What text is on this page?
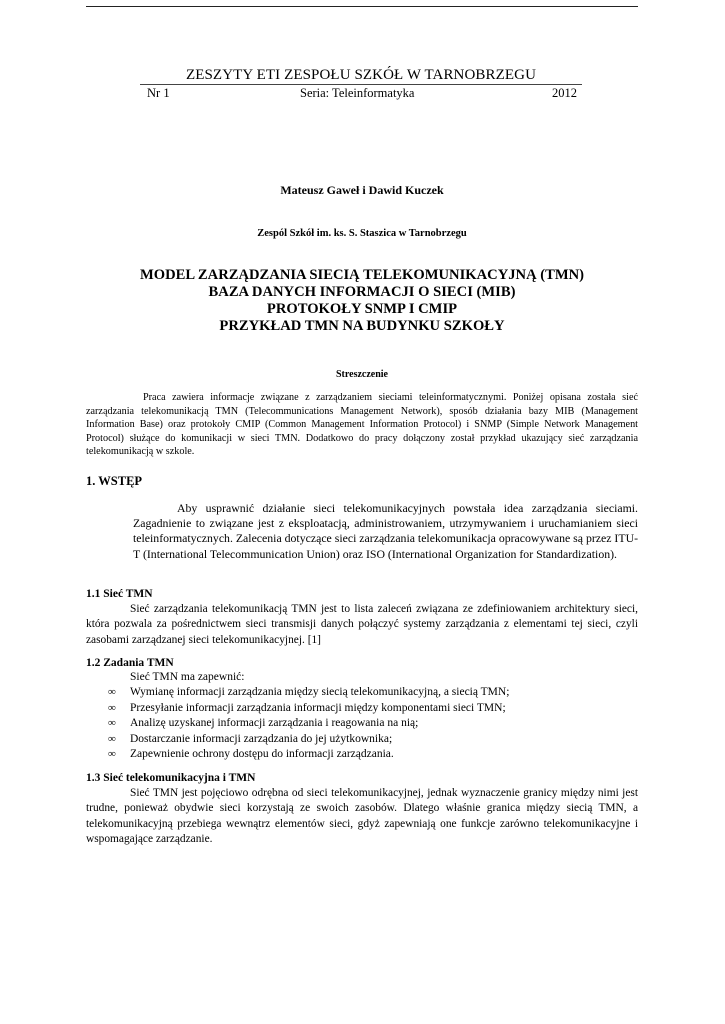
ZESZYTY ETI ZESPOŁU SZKÓŁ W TARNOBRZEGU
Nr 1	Seria: Teleinformatyka	2012
Mateusz Gaweł i Dawid Kuczek
Zespól Szkół im. ks. S. Staszica w Tarnobrzegu
MODEL ZARZĄDZANIA SIECIĄ TELEKOMUNIKACYJNĄ (TMN)
BAZA DANYCH INFORMACJI O SIECI (MIB)
PROTOKOŁY SNMP I CMIP
PRZYKŁAD TMN NA BUDYNKU SZKOŁY
Streszczenie

Praca zawiera informacje związane z zarządzaniem sieciami teleinformatycznymi. Poniżej opisana została sieć zarządzania telekomunikacją TMN (Telecommunications Management Network), sposób działania bazy MIB (Management Information Base) oraz protokoły CMIP (Common Management Information Protocol) i SNMP (Simple Network Management Protocol) służące do komunikacji w sieci TMN. Dodatkowo do pracy dołączony został przykład ukazujący sieć zarządzania telekomunikacją w szkole.

1. WSTĘP

Aby usprawnić działanie sieci telekomunikacyjnych powstała idea zarządzania sieciami. Zagadnienie to związane jest z eksploatacją, administrowaniem, utrzymywaniem i uruchamianiem sieci teleinformatycznych. Zalecenia dotyczące sieci zarządzania telekomunikacja opracowywane są przez ITU-T (International Telecommunication Union) oraz ISO (International Organization for Standardization).

1.1 Sieć TMN

Sieć zarządzania telekomunikacją TMN jest to lista zaleceń związana ze zdefiniowaniem architektury sieci, która pozwala za pośrednictwem sieci transmisji danych połączyć systemy zarządzania z elementami tej sieci, czyli zasobami zarządzanej sieci telekomunikacyjnej. [1]

1.2 Zadania TMN
Sieć TMN ma zapewnić:
∞ Wymianę informacji zarządzania między siecią telekomunikacyjną, a siecią TMN;
∞ Przesyłanie informacji zarządzania informacji między komponentami sieci TMN;
∞ Analizę uzyskanej informacji zarządzania i reagowania na nią;
∞ Dostarczanie informacji zarządzania do jej użytkownika;
∞ Zapewnienie ochrony dostępu do informacji zarządzania.
1.3 Sieć telekomunikacyjna i TMN

Sieć TMN jest pojęciowo odrębna od sieci telekomunikacyjnej, jednak wyznaczenie granicy między nimi jest trudne, ponieważ obydwie sieci korzystają ze swoich zasobów. Dlatego właśnie granica między siecią TMN, a telekomunikacyjną przebiega wewnątrz elementów sieci, gdyż zapewniają one funkcje zarówno telekomunikacyjne i wspomagające zarządzanie.
